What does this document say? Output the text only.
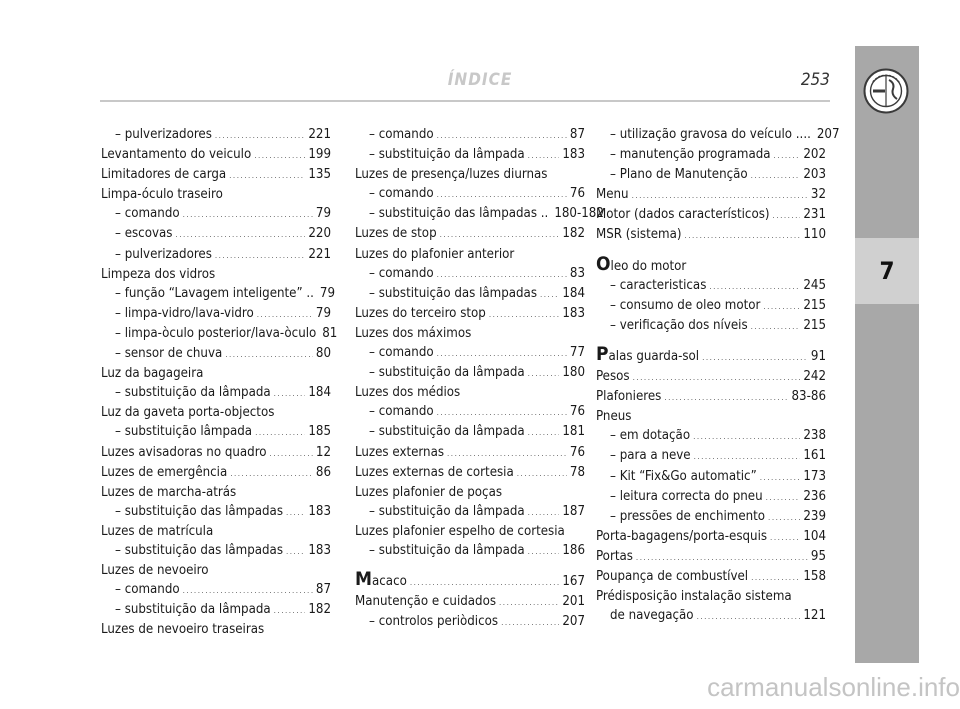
ÍNDICE	253
7
– pulverizadores . . .	221
Levantamento do veiculo . . .	199
Limitadores de carga . . .	135
Limpa-óculo traseiro
– comando . . .	79
– escovas . . .	220
– pulverizadores . . .	221
Limpeza dos vidros
– função “Lavagem inteligente” .. 79
– limpa-vidro/lava-vidro . . .	79
– limpa-òculo posterior/lava-òculo 81
– sensor de chuva . . .	80
Luz da bagageira
– substituição da lâmpada . . .	184
Luz da gaveta porta-objectos
– substituição lâmpada . . .	185
Luzes avisadoras no quadro . . .	12
Luzes de emergência . . .	86
Luzes de marcha-atrás
– substituição das lâmpadas . . . 183
Luzes de matrícula
– substituição das lâmpadas . . . 183
Luzes de nevoeiro
– comando . . .	87
– substituição da lâmpada . . .	182
Luzes de nevoeiro traseiras
– comando . . .	87
– substituição da lâmpada . . .	183
Luzes de presença/luzes diurnas
– comando . . .	76
– substituição das lâmpadas .. 180-182
Luzes de stop . . .	182
Luzes do plafonier anterior
– comando . . .	83
– substituição das lâmpadas . . . 184
Luzes do terceiro stop . . .	183
Luzes dos máximos
– comando . . .	77
– substituição da lâmpada . . .	180
Luzes dos médios
– comando . . .	76
– substituição da lâmpada . . .	181
Luzes externas . . .	76
Luzes externas de cortesia . . .	78
Luzes plafonier de poças
– substituição da lâmpada . . .	187
Luzes plafonier espelho de cortesia
– substituição da lâmpada . . .	186
Macaco . . .	167
Manutenção e cuidados . . .	201
– controlos periòdicos . . .	207
– utilização gravosa do veículo .... 207
– manutenção programada . . . 202
– Plano de Manutenção . . .	203
Menu . . .	32
Motor (dados característicos) . . .	231
MSR (sistema) . . .	110
Oleo do motor
– caracteristicas . . .	245
– consumo de oleo motor . . .	215
– verificação dos níveis . . .	215
Palas guarda-sol . . .	91
Pesos . . .	242
Plafonieres . . .	83-86
Pneus
– em dotação . . .	238
– para a neve . . .	161
– Kit “Fix&Go automatic” . . .	173
– leitura correcta do pneu . . .	236
– pressões de enchimento . . .	239
Porta-bagagens/porta-esquis . . .	104
Portas . . .	95
Poupança de combustível . . .	158
Prédisposição instalação sistema
de navegação . . .	121
carmanualsonline.info
